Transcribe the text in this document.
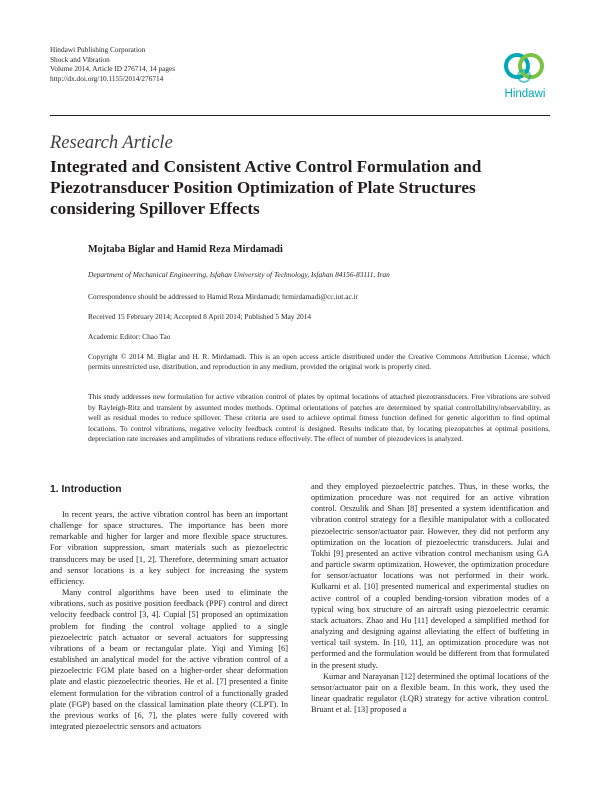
Hindawi Publishing Corporation
Shock and Vibration
Volume 2014, Article ID 276714, 14 pages
http://dx.doi.org/10.1155/2014/276714
Hindawi
Research Article
Integrated and Consistent Active Control Formulation and Piezotransducer Position Optimization of Plate Structures considering Spillover Effects
Mojtaba Biglar and Hamid Reza Mirdamadi
Department of Mechanical Engineering, Isfahan University of Technology, Isfahan 84156-83111, Iran
Correspondence should be addressed to Hamid Reza Mirdamadi; hrmirdamadi@cc.iut.ac.ir
Received 15 February 2014; Accepted 8 April 2014; Published 5 May 2014
Academic Editor: Chao Tao
Copyright © 2014 M. Biglar and H. R. Mirdamadi. This is an open access article distributed under the Creative Commons Attribution License, which permits unrestricted use, distribution, and reproduction in any medium, provided the original work is properly cited.
This study addresses new formulation for active vibration control of plates by optimal locations of attached piezotransducers. Free vibrations are solved by Rayleigh-Ritz and transient by assumed modes methods. Optimal orientations of patches are determined by spatial controllability/observability, as well as residual modes to reduce spillover. These criteria are used to achieve optimal fitness function defined for genetic algorithm to find optimal locations. To control vibrations, negative velocity feedback control is designed. Results indicate that, by locating piezopatches at optimal positions, depreciation rate increases and amplitudes of vibrations reduce effectively. The effect of number of piezodevices is analyzed.
1. Introduction

In recent years, the active vibration control has been an important challenge for space structures. The importance has been more remarkable and higher for larger and more flexible space structures. For vibration suppression, smart materials such as piezoelectric transducers may be used [1, 2]. Therefore, determining smart actuator and sensor locations is a key subject for increasing the system efficiency.

Many control algorithms have been used to eliminate the vibrations, such as positive position feedback (PPF) control and direct velocity feedback control [3, 4]. Cupiał [5] proposed an optimization problem for finding the control voltage applied to a single piezoelectric patch actuator or several actuators for suppressing vibrations of a beam or rectangular plate. Yiqi and Yiming [6] established an analytical model for the active vibration control of a piezoelectric FGM plate based on a higher-order shear deformation plate and elastic piezoelectric theories. He et al. [7] presented a finite element formulation for the vibration control of a functionally graded plate (FGP) based on the classical lamination plate theory (CLPT). In the previous works of [6, 7], the plates were fully covered with integrated piezoelectric sensors and actuators

and they employed piezoelectric patches. Thus, in these works, the optimization procedure was not required for an active vibration control. Orszulik and Shan [8] presented a system identification and vibration control strategy for a flexible manipulator with a collocated piezoelectric sensor/actuator pair. However, they did not perform any optimization on the location of piezoelectric transducers. Julai and Tokhi [9] presented an active vibration control mechanism using GA and particle swarm optimization. However, the optimization procedure for sensor/actuator locations was not performed in their work. Kulkarni et al. [10] presented numerical and experimental studies on active control of a coupled bending-torsion vibration modes of a typical wing box structure of an aircraft using piezoelectric ceramic stack actuators. Zhao and Hu [11] developed a simplified method for analyzing and designing against alleviating the effect of buffeting in vertical tail system. In [10, 11], an optimization procedure was not performed and the formulation would be different from that formulated in the present study.

Kumar and Narayanan [12] determined the optimal locations of the sensor/actuator pair on a flexible beam. In this work, they used the linear quadratic regulator (LQR) strategy for active vibration control. Bruant et al. [13] proposed a
